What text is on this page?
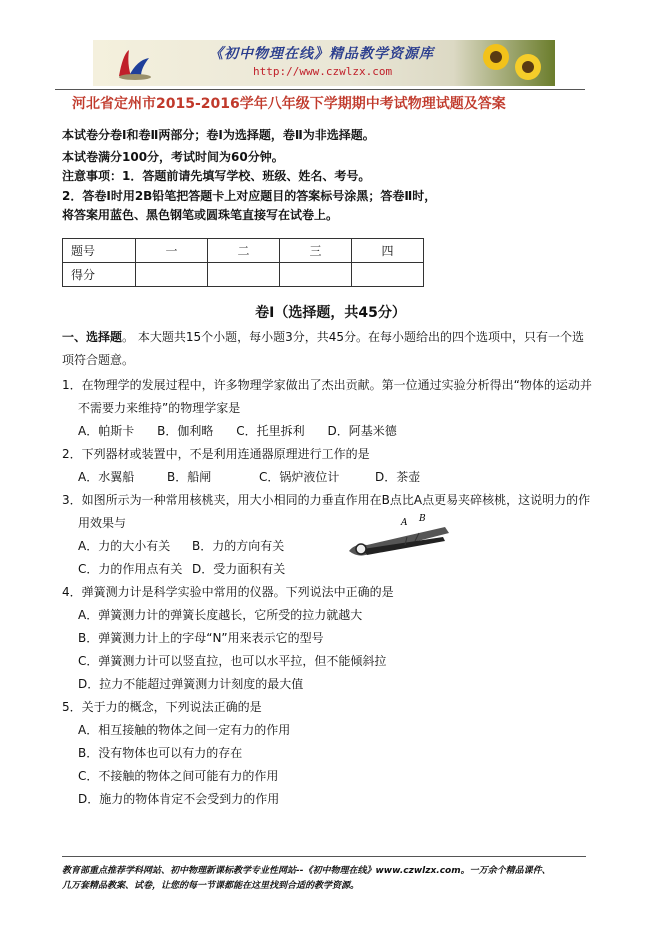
《初中物理在线》精品教学资源库
http://www.czwlzx.com
河北省定州市2015-2016学年八年级下学期期中考试物理试题及答案
本试卷分卷Ⅰ和卷Ⅱ两部分；卷Ⅰ为选择题，卷Ⅱ为非选择题。
本试卷满分100分，考试时间为60分钟。
注意事项：1．答题前请先填写学校、班级、姓名、考号。
2．答卷Ⅰ时用2B铅笔把答题卡上对应题目的答案标号涂黑；答卷Ⅱ时，
将答案用蓝色、黑色钢笔或圆珠笔直接写在试卷上。
题号	一	二	三	四
得分				
卷Ⅰ（选择题，共45分）
一、选择题。 本大题共15个小题，每小题3分，共45分。在每小题给出的四个选项中，只有一个选
项符合题意。
1．在物理学的发展过程中，许多物理学家做出了杰出贡献。第一位通过实验分析得出“物体的运动并
不需要力来维持”的物理学家是
A．帕斯卡      B．伽利略      C．托里拆利      D．阿基米德
2．下列器材或装置中，不是利用连通器原理进行工作的是
A．水翼船	B．船闸	C．锅炉液位计	D．茶壶
3．如图所示为一种常用核桃夹，用大小相同的力垂直作用在B点比A点更易夹碎核桃，这说明力的作
用效果与
A．力的大小有关 B．力的方向有关
C．力的作用点有关 D．受力面积有关
A B
4．弹簧测力计是科学实验中常用的仪器。下列说法中正确的是
A．弹簧测力计的弹簧长度越长，它所受的拉力就越大
B．弹簧测力计上的字母“N”用来表示它的型号
C．弹簧测力计可以竖直拉，也可以水平拉，但不能倾斜拉
D．拉力不能超过弹簧测力计刻度的最大值
5．关于力的概念，下列说法正确的是
A．相互接触的物体之间一定有力的作用
B．没有物体也可以有力的存在
C．不接触的物体之间可能有力的作用
D．施力的物体肯定不会受到力的作用
教育部重点推荐学科网站、初中物理新课标教学专业性网站--《初中物理在线》www.czwlzx.com。一万余个精品课件、
几万套精品教案、试卷，让您的每一节课都能在这里找到合适的教学资源。
